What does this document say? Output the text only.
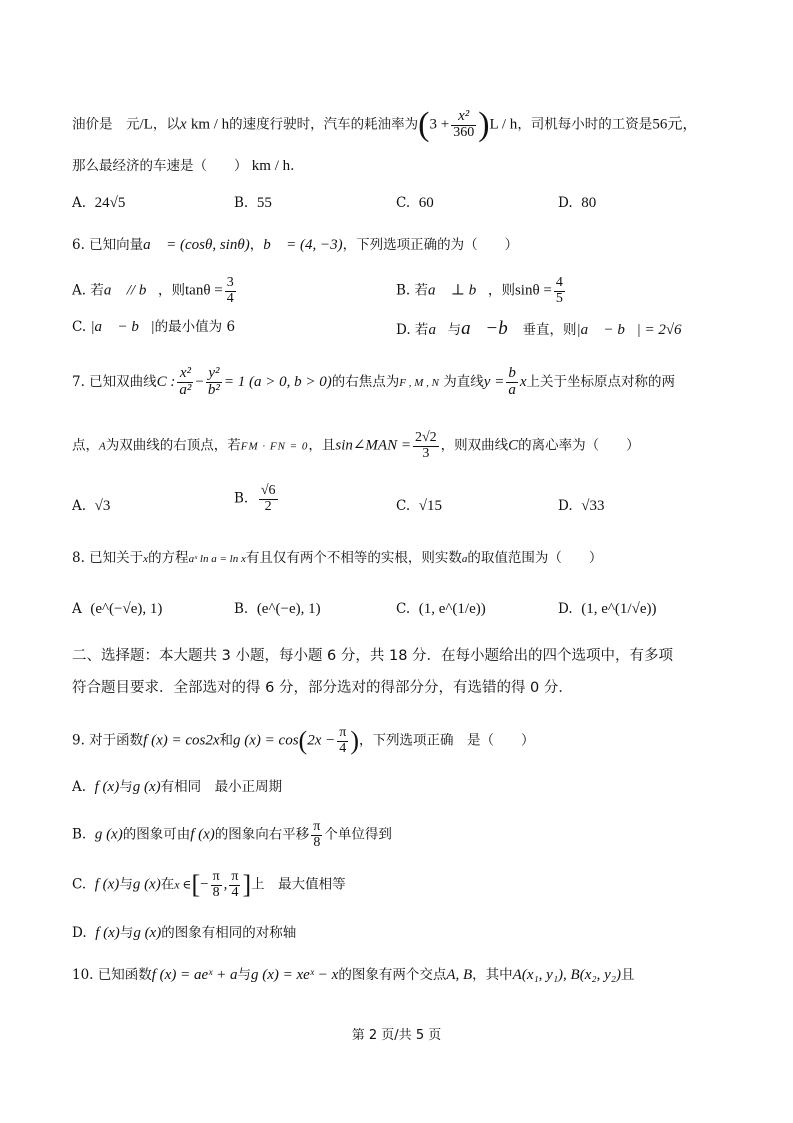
油价是　元/L，以x km / h的速度行驶时，汽车的耗油率为$(3 + \frac{\text{x²}}{360} )L / h$，司机每小时的工资是56元，
那么最经济的车速是（　　） km / h.
A. 24√5	B. 55	C. 60	D. 80
6. 已知向量a⃗ = (cosθ, sinθ)，b⃗ = (4, −3)，下列选项正确的为（　　）
A. 若a⃗ // b⃗，则$\tan\theta = \frac{3}{4}$	B. 若a⃗ ⊥ b⃗，则$\sin\theta = \frac{4}{5}$
C. |a⃗ − b⃗|的最小值为 6	D. 若a⃗与a⃗−b⃗垂直，则|a⃗ − b⃗| = 2√6
7. 已知双曲线C : $\frac{\text{x²}}{\text{a²}} - \frac{\text{y²}}{\text{b²}} = 1$ (a > 0, b > 0)的右焦点为F , M , N 为直线$y = \frac{b}{a}$ x上关于坐标原点对称的两
点，A为双曲线的右顶点，若FM · FN = 0，且sin∠MAN = $\frac{2√2}{3}$ ，则双曲线C的离心率为（　　）
A. √3	B. $\frac{√6}{2}$	C. √15	D. √33
8. 已知关于x的方程aˣ ln a = ln x有且仅有两个不相等的实根，则实数a的取值范围为（　　）
A (e^(−√e), 1)	B. (e^(−e), 1)	C. (1, e^(1/e))	D. (1, e^(1/√e))
二、选择题：本大题共 3 小题，每小题 6 分，共 18 分．在每小题给出的四个选项中，有多项
符合题目要求．全部选对的得 6 分，部分选对的得部分分，有选错的得 0 分．
9. 对于函数f (x) = cos2x和g $(x) = \cos(2x - \frac{\pi}{4}$ )，下列选项正确　是（　　）
A. f (x)与g (x)有相同　最小正周期
B. g (x)的图象可由f (x)的图象向右平移 $\frac{\pi}{8}$ 个单位得到
C. f (x)与g (x)在x ∈[− $\frac{\pi}{8}$ , $\frac{\pi}{4}$ ]上　最大值相等
D. f (x)与g (x)的图象有相同的对称轴
10. 已知函数f (x) = aeˣ + a与g (x) = xeˣ − x的图象有两个交点A, B，其中A(x₁, y₁), B(x₂, y₂)且
第 2 页/共 5 页
